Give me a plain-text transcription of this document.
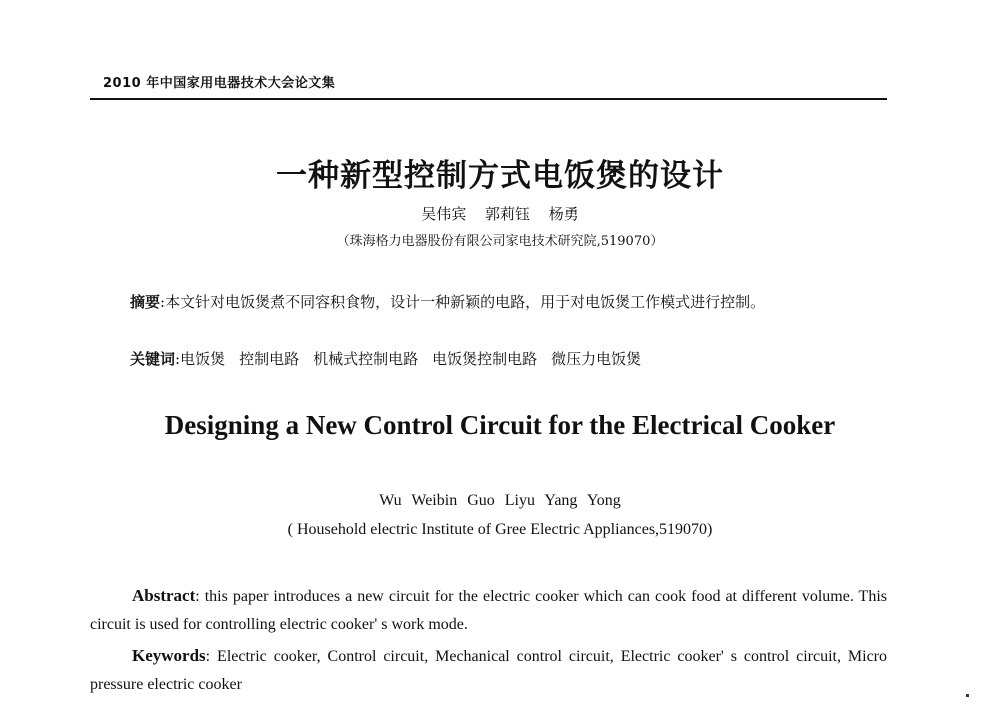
2010 年中国家用电器技术大会论文集
一种新型控制方式电饭煲的设计
吴伟宾 郭莉钰 杨勇
（珠海格力电器股份有限公司家电技术研究院,519070）
摘要:本文针对电饭煲煮不同容积食物，设计一种新颖的电路，用于对电饭煲工作模式进行控制。
关键词:电饭煲 控制电路 机械式控制电路 电饭煲控制电路 微压力电饭煲
Designing a New Control Circuit for the Electrical Cooker
Wu Weibin Guo Liyu Yang Yong
( Household electric Institute of Gree Electric Appliances,519070)
Abstract: this paper introduces a new circuit for the electric cooker which can cook food at different volume. This circuit is used for controlling electric cooker' s work mode.
Keywords: Electric cooker, Control circuit, Mechanical control circuit, Electric cooker' s control circuit, Micro pressure electric cooker
